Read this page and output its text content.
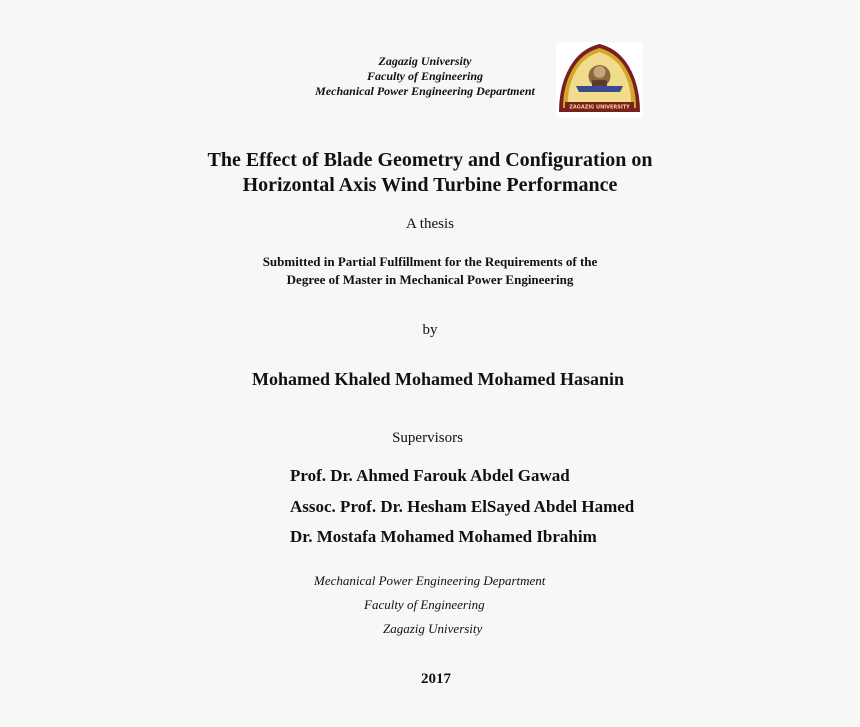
Zagazig University
Faculty of Engineering
Mechanical Power Engineering Department
ZAGAZIG UNIVERSITY
The Effect of Blade Geometry and Configuration on
Horizontal Axis Wind Turbine Performance
A thesis
Submitted in Partial Fulfillment for the Requirements of the
Degree of Master in Mechanical Power Engineering
by
Mohamed Khaled Mohamed Mohamed Hasanin
Supervisors
Prof. Dr. Ahmed Farouk Abdel Gawad
Assoc. Prof. Dr. Hesham ElSayed Abdel Hamed
Dr. Mostafa Mohamed Mohamed Ibrahim
Mechanical Power Engineering Department
Faculty of Engineering
Zagazig University
2017
